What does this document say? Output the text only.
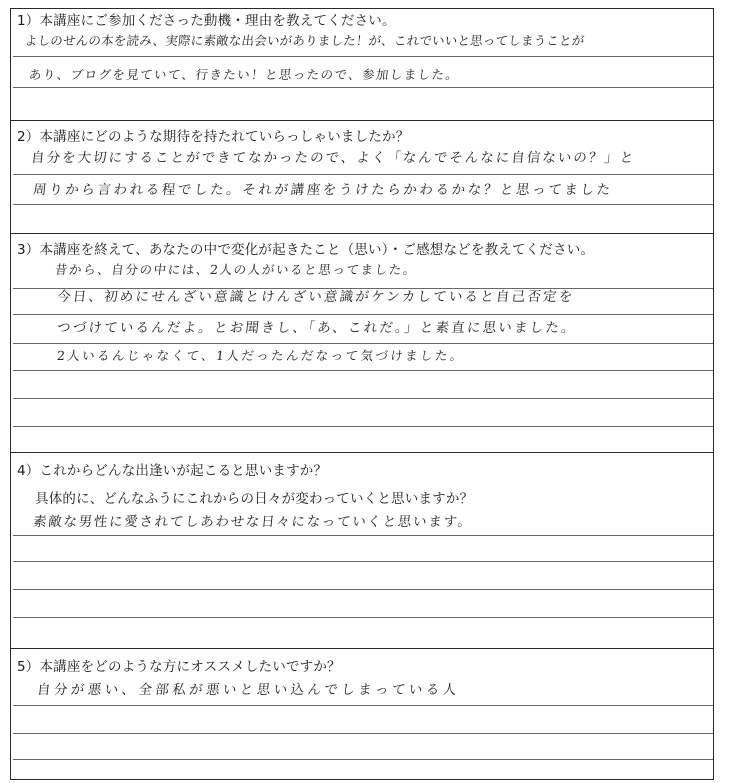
1）本講座にご参加くださった動機・理由を教えてください。
よしのせんの本を読み、実際に素敵な出会いがありました！が、これでいいと思ってしまうことが
あり、ブログを見ていて、行きたい！と思ったので、参加しました。
2）本講座にどのような期待を持たれていらっしゃいましたか？
自分を大切にすることができてなかったので、よく「なんでそんなに自信ないの？」と
周りから言われる程でした。それが講座をうけたらかわるかな？と思ってました
3）本講座を終えて、あなたの中で変化が起きたこと（思い）・ご感想などを教えてください。
昔から、自分の中には、2人の人がいると思ってました。
今日、初めにせんざい意識とけんざい意識がケンカしていると自己否定を
つづけているんだよ。とお聞きし、「あ、これだ。」と素直に思いました。
2人いるんじゃなくて、1人だったんだなって気づけました。
4）これからどんな出逢いが起こると思いますか？
具体的に、どんなふうにこれからの日々が変わっていくと思いますか？
素敵な男性に愛されてしあわせな日々になっていくと思います。
5）本講座をどのような方にオススメしたいですか？
自分が悪い、全部私が悪いと思い込んでしまっている人
